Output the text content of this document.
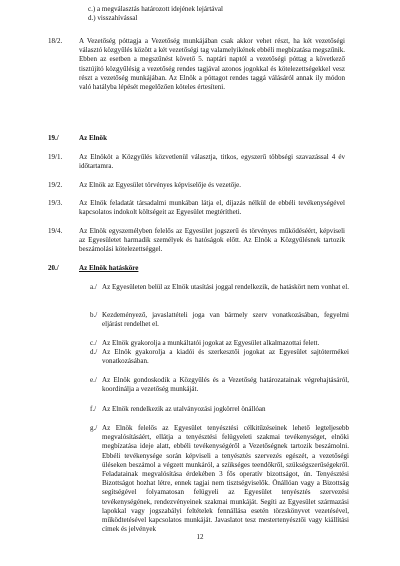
c.) a megválasztás határozott idejének lejártával
d.) visszahívással
18/2. A Vezetőség póttagja a Vezetőség munkájában csak akkor vehet részt, ha két vezetőségi választó közgyűlés között a két vezetőségi tag valamelyikének ebbéli megbízatása megszűnik. Ebben az esetben a megszűnést követő 5. naptári naptól a vezetőségi póttag a következő tisztújító közgyűlésig a vezetőség rendes tagjával azonos jogokkal és kötelezettségekkel vesz részt a vezetőség munkájában. Az Elnök a póttagot rendes taggá válásáról annak ily módon való hatályba lépését megelőzően köteles értesíteni.
19./	Az Elnök
19/1. Az Elnököt a Közgyűlés közvetlenül választja, titkos, egyszerű többségi szavazással 4 év időtartamra.
19/2. Az Elnök az Egyesület törvényes képviselője és vezetője.
19/3. Az Elnök feladatát társadalmi munkában látja el, díjazás nélkül de ebbéli tevékenységével kapcsolatos indokolt költségeit az Egyesület megtérítheti.
19/4. Az Elnök egyszemélyben felelős az Egyesület jogszerű és törvényes működéséért, képviseli az Egyesületet harmadik személyek és hatóságok előtt. Az Elnök a Közgyűlésnek tartozik beszámolási kötelezettséggel.
20./	Az Elnök hatásköre
a./ Az Egyesületen belül az Elnök utasítási joggal rendelkezik, de hatáskört nem vonhat el.
b./ Kezdeményező, javaslattételi joga van bármely szerv vonatkozásában, fegyelmi eljárást rendelhet el.
c./ Az Elnök gyakorolja a munkáltatói jogokat az Egyesület alkalmazottai felett.
d./ Az Elnök gyakorolja a kiadói és szerkesztői jogokat az Egyesület sajtótermékei vonatkozásában.
e./ Az Elnök gondoskodik a Közgyűlés és a Vezetőség határozatainak végrehajtásáról, koordinálja a vezetőség munkáját.
f./ Az Elnök rendelkezik az utalványozási jogkörrel önállóan
g./ Az Elnök felelős az Egyesület tenyésztési célkitűzéseinek lehető legteljesebb megvalósításáért, ellátja a tenyésztési felügyeleti szakmai tevékenységet, elnöki megbízatása ideje alatt, ebbéli tevékenységéről a Vezetőségnek tartozik beszámolni. Ebbéli tevékenysége során képviseli a tenyésztés szervezés egészét, a vezetőségi üléseken beszámol a végzett munkáról, a szükséges teendőkről, szükségszerűségekről. Feladatainak megvalósítása érdekében 3 fős operatív bizottságot, ún. Tenyésztési Bizottságot hozhat létre, ennek tagjai nem tisztségviselők. Önállóan vagy a Bizottság segítségével folyamatosan felügyeli az Egyesület tenyésztés szervezési tevékenységének, rendezvényeinek szakmai munkáját. Segíti az Egyesület származási lapokkal vagy jogszabályi feltételek fennállása esetén törzskönyvet vezetésével, működtetésével kapcsolatos munkáját. Javaslatot tesz mestertenyésztői vagy kiállítási címek és jelvények
12
